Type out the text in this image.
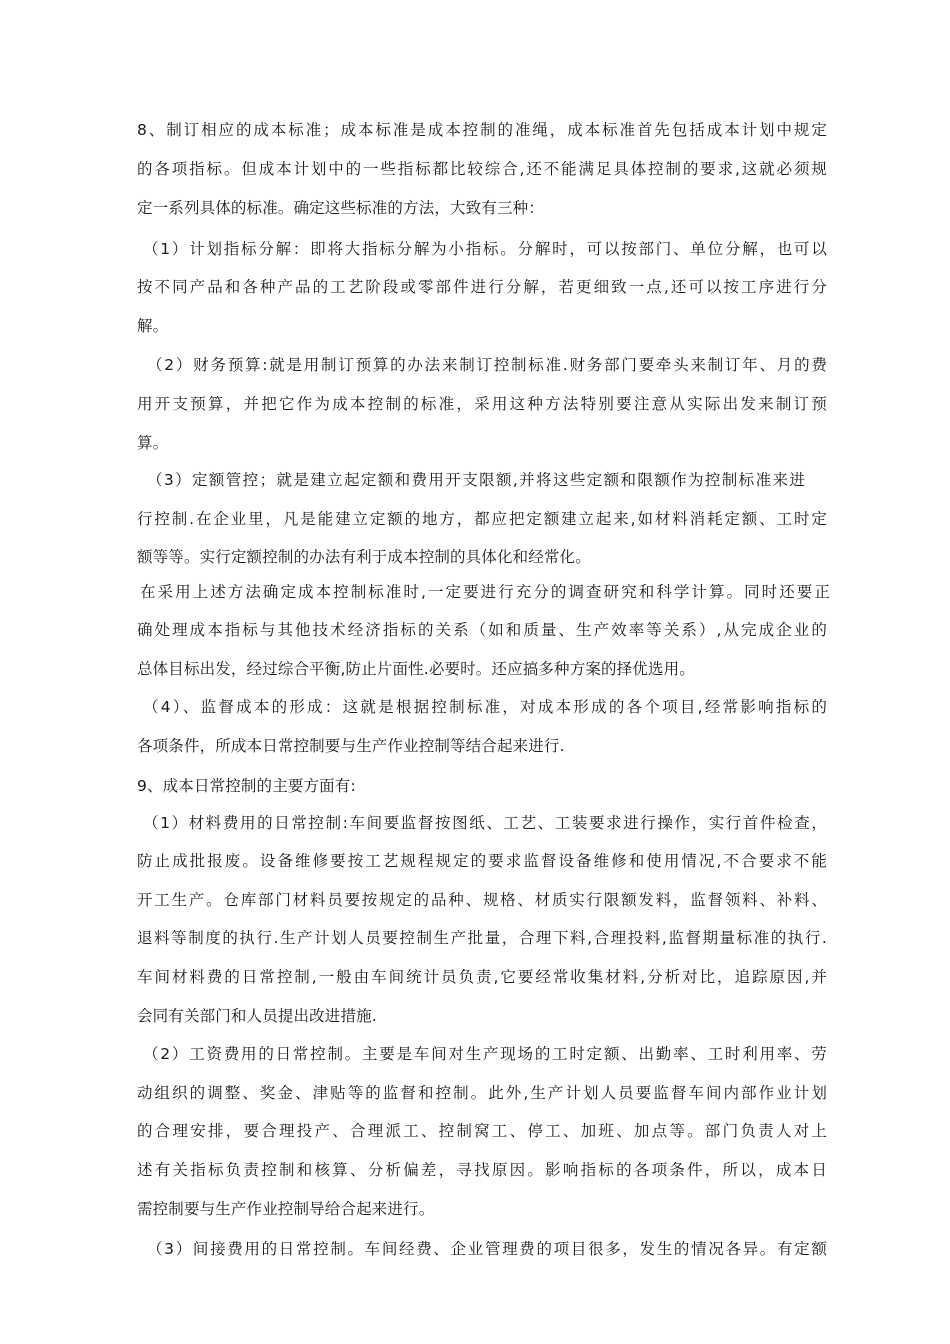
8、制订相应的成本标准；成本标准是成本控制的准绳，成本标准首先包括成本计划中规定
的各项指标。但成本计划中的一些指标都比较综合,还不能满足具体控制的要求,这就必须规
定一系列具体的标准。确定这些标准的方法，大致有三种：
（1）计划指标分解：即将大指标分解为小指标。分解时，可以按部门、单位分解，也可以
按不同产品和各种产品的工艺阶段或零部件进行分解，若更细致一点,还可以按工序进行分
解。
（2）财务预算:就是用制订预算的办法来制订控制标准.财务部门要牵头来制订年、月的费
用开支预算，并把它作为成本控制的标准，采用这种方法特别要注意从实际出发来制订预
算。
（3）定额管控；就是建立起定额和费用开支限额,并将这些定额和限额作为控制标准来进
行控制.在企业里，凡是能建立定额的地方，都应把定额建立起来,如材料消耗定额、工时定
额等等。实行定额控制的办法有利于成本控制的具体化和经常化。
在采用上述方法确定成本控制标准时,一定要进行充分的调查研究和科学计算。同时还要正
确处理成本指标与其他技术经济指标的关系（如和质量、生产效率等关系）,从完成企业的
总体目标出发，经过综合平衡,防止片面性.必要时。还应搞多种方案的择优选用。
（4）、监督成本的形成：这就是根据控制标准，对成本形成的各个项目,经常影响指标的
各项条件，所成本日常控制要与生产作业控制等结合起来进行.
9、成本日常控制的主要方面有:
（1）材料费用的日常控制:车间要监督按图纸、工艺、工装要求进行操作，实行首件检查，
防止成批报废。设备维修要按工艺规程规定的要求监督设备维修和使用情况,不合要求不能
开工生产。仓库部门材料员要按规定的品种、规格、材质实行限额发料，监督领料、补料、
退料等制度的执行.生产计划人员要控制生产批量，合理下料,合理投料,监督期量标准的执行.
车间材料费的日常控制,一般由车间统计员负责,它要经常收集材料,分析对比，追踪原因,并
会同有关部门和人员提出改进措施.
（2）工资费用的日常控制。主要是车间对生产现场的工时定额、出勤率、工时利用率、劳
动组织的调整、奖金、津贴等的监督和控制。此外,生产计划人员要监督车间内部作业计划
的合理安排，要合理投产、合理派工、控制窝工、停工、加班、加点等。部门负责人对上
述有关指标负责控制和核算、分析偏差，寻找原因。影响指标的各项条件，所以，成本日
需控制要与生产作业控制导给合起来进行。
（3）间接费用的日常控制。车间经费、企业管理费的项目很多，发生的情况各异。有定额
